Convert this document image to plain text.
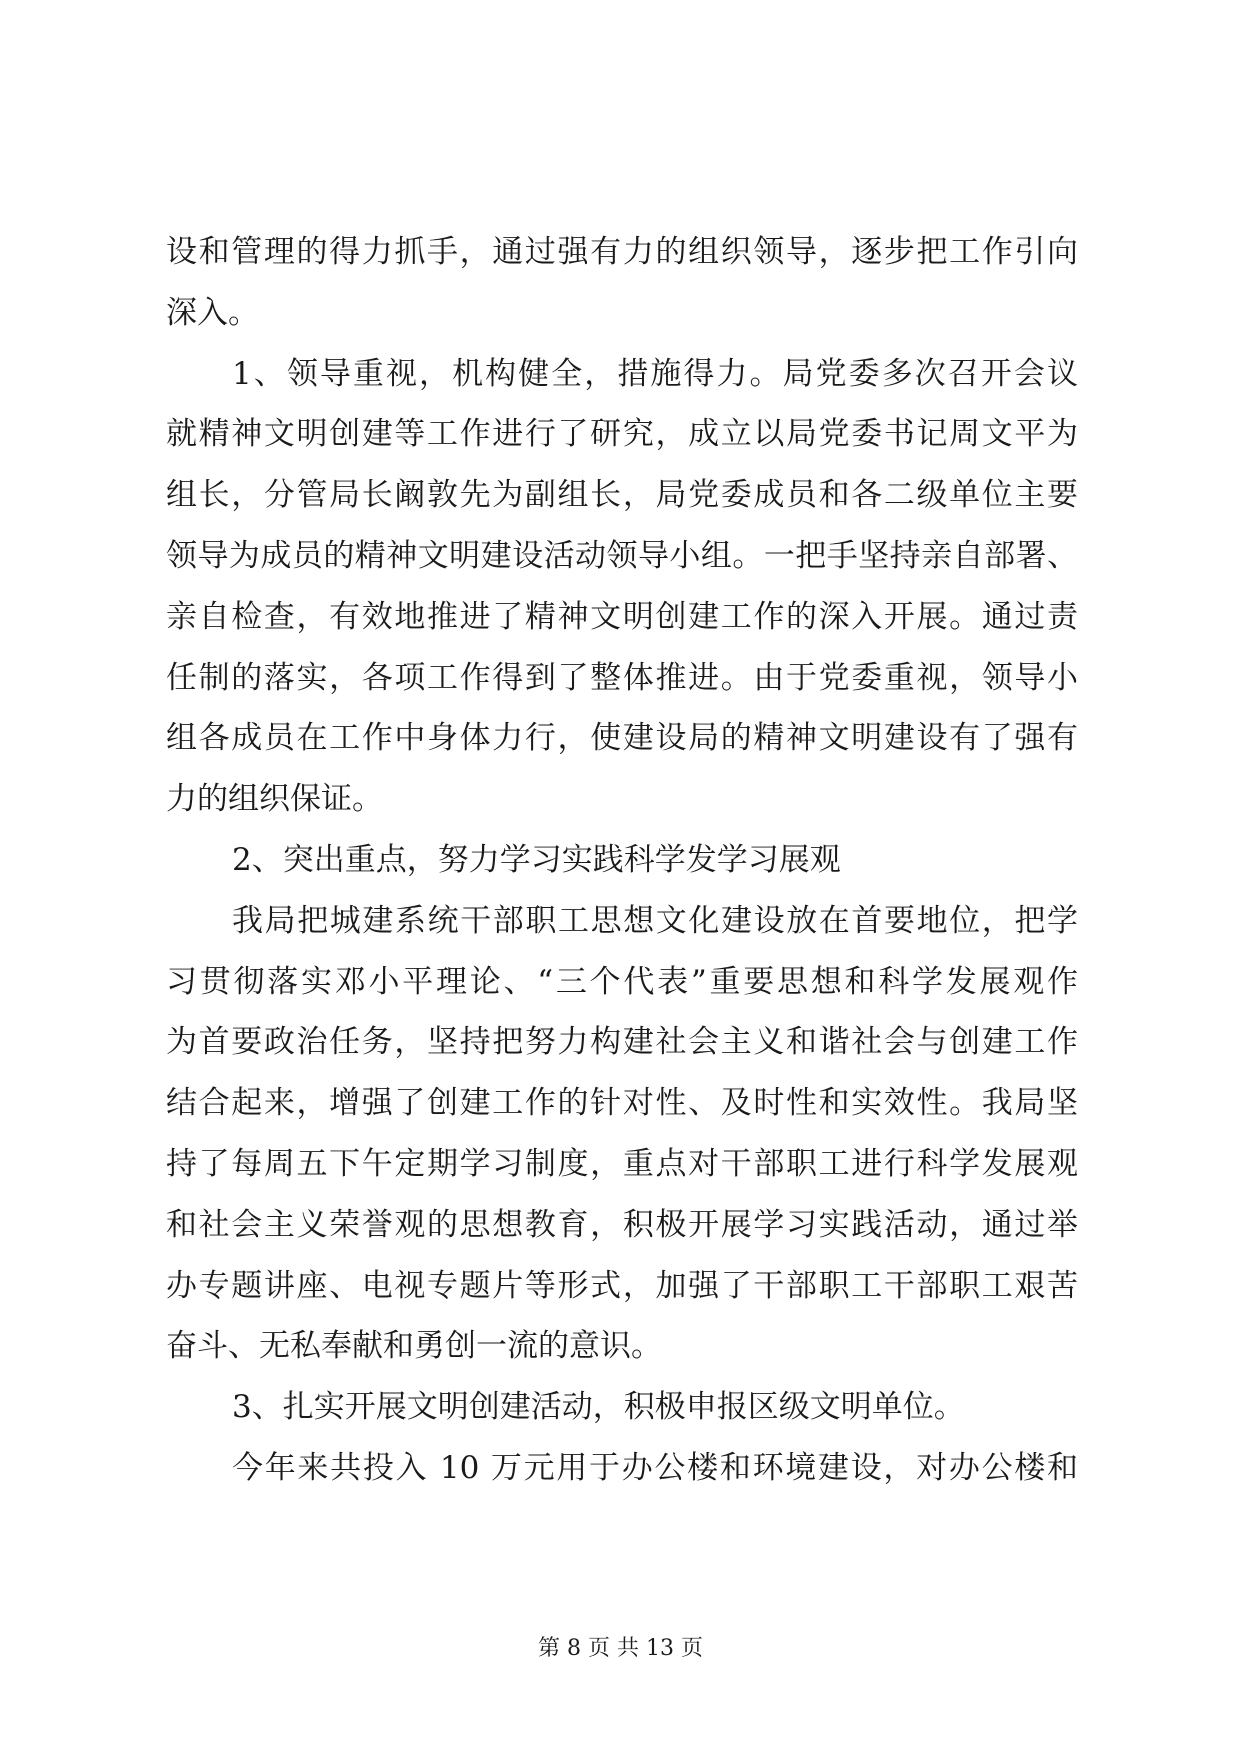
设和管理的得力抓手，通过强有力的组织领导，逐步把工作引向
深入。
1、领导重视，机构健全，措施得力。局党委多次召开会议
就精神文明创建等工作进行了研究，成立以局党委书记周文平为
组长，分管局长阚敦先为副组长，局党委成员和各二级单位主要
领导为成员的精神文明建设活动领导小组。一把手坚持亲自部署、
亲自检查，有效地推进了精神文明创建工作的深入开展。通过责
任制的落实，各项工作得到了整体推进。由于党委重视，领导小
组各成员在工作中身体力行，使建设局的精神文明建设有了强有
力的组织保证。
2、突出重点，努力学习实践科学发学习展观
我局把城建系统干部职工思想文化建设放在首要地位，把学
习贯彻落实邓小平理论、“三个代表”重要思想和科学发展观作
为首要政治任务，坚持把努力构建社会主义和谐社会与创建工作
结合起来，增强了创建工作的针对性、及时性和实效性。我局坚
持了每周五下午定期学习制度，重点对干部职工进行科学发展观
和社会主义荣誉观的思想教育，积极开展学习实践活动，通过举
办专题讲座、电视专题片等形式，加强了干部职工干部职工艰苦
奋斗、无私奉献和勇创一流的意识。
3、扎实开展文明创建活动，积极申报区级文明单位。
今年来共投入 10 万元用于办公楼和环境建设，对办公楼和
第 8 页 共 13 页
